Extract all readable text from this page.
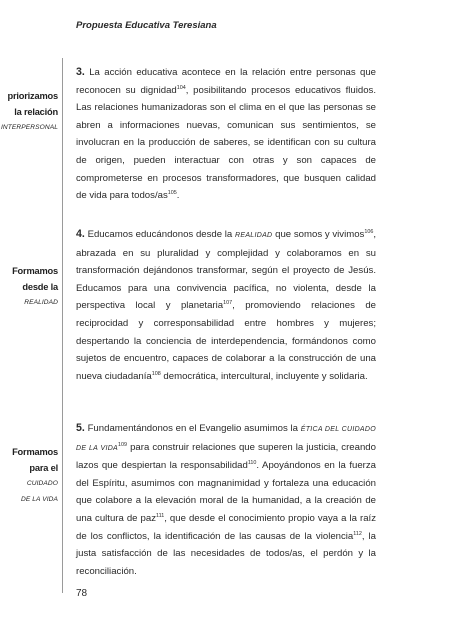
Propuesta Educativa Teresiana
priorizamos
la relación
INTERPERSONAL
Formamos
desde la
REALIDAD
Formamos
para el
CUIDADO
DE LA VIDA
3. La acción educativa acontece en la relación entre personas que reconocen su dignidad$^{104}$, posibilitando procesos educativos fluidos. Las relaciones humanizadoras son el clima en el que las personas se abren a informaciones nuevas, comunican sus sentimientos, se involucran en la producción de saberes, se identifican con su cultura de origen, pueden interactuar con otras y son capaces de comprometerse en procesos transformadores, que busquen calidad de vida para todos/$as^{105}$.
4. Educamos educándonos desde la REALIDAD que somos y vivimos$^{106}$, abrazada en su pluralidad y complejidad y colaboramos en su transformación dejándonos transformar, según el proyecto de Jesús. Educamos para una convivencia pacífica, no violenta, desde la perspectiva local y planetaria$^{107}$, promoviendo relaciones de reciprocidad y corresponsabilidad entre hombres y mujeres; despertando la conciencia de interdependencia, formándonos como sujetos de encuentro, capaces de colaborar a la construcción de una nueva ciudadanía$^{108}$ democrática, intercultural, incluyente y solidaria.
5. Fundamentándonos en el Evangelio asumimos la ÉTICA DEL CUIDADO DE LA VIDA$^{109}$ para construir relaciones que superen la justicia, creando lazos que despiertan la responsabilidad$^{110}$. Apoyándonos en la fuerza del Espíritu, asumimos con magnanimidad y fortaleza una educación que colabore a la elevación moral de la humanidad, a la creación de una cultura de paz$^{111}$, que desde el conocimiento propio vaya a la raíz de los conflictos, la identificación de las causas de la violencia$^{112}$, la justa satisfacción de las necesidades de todos/as, el perdón y la reconciliación.
78
